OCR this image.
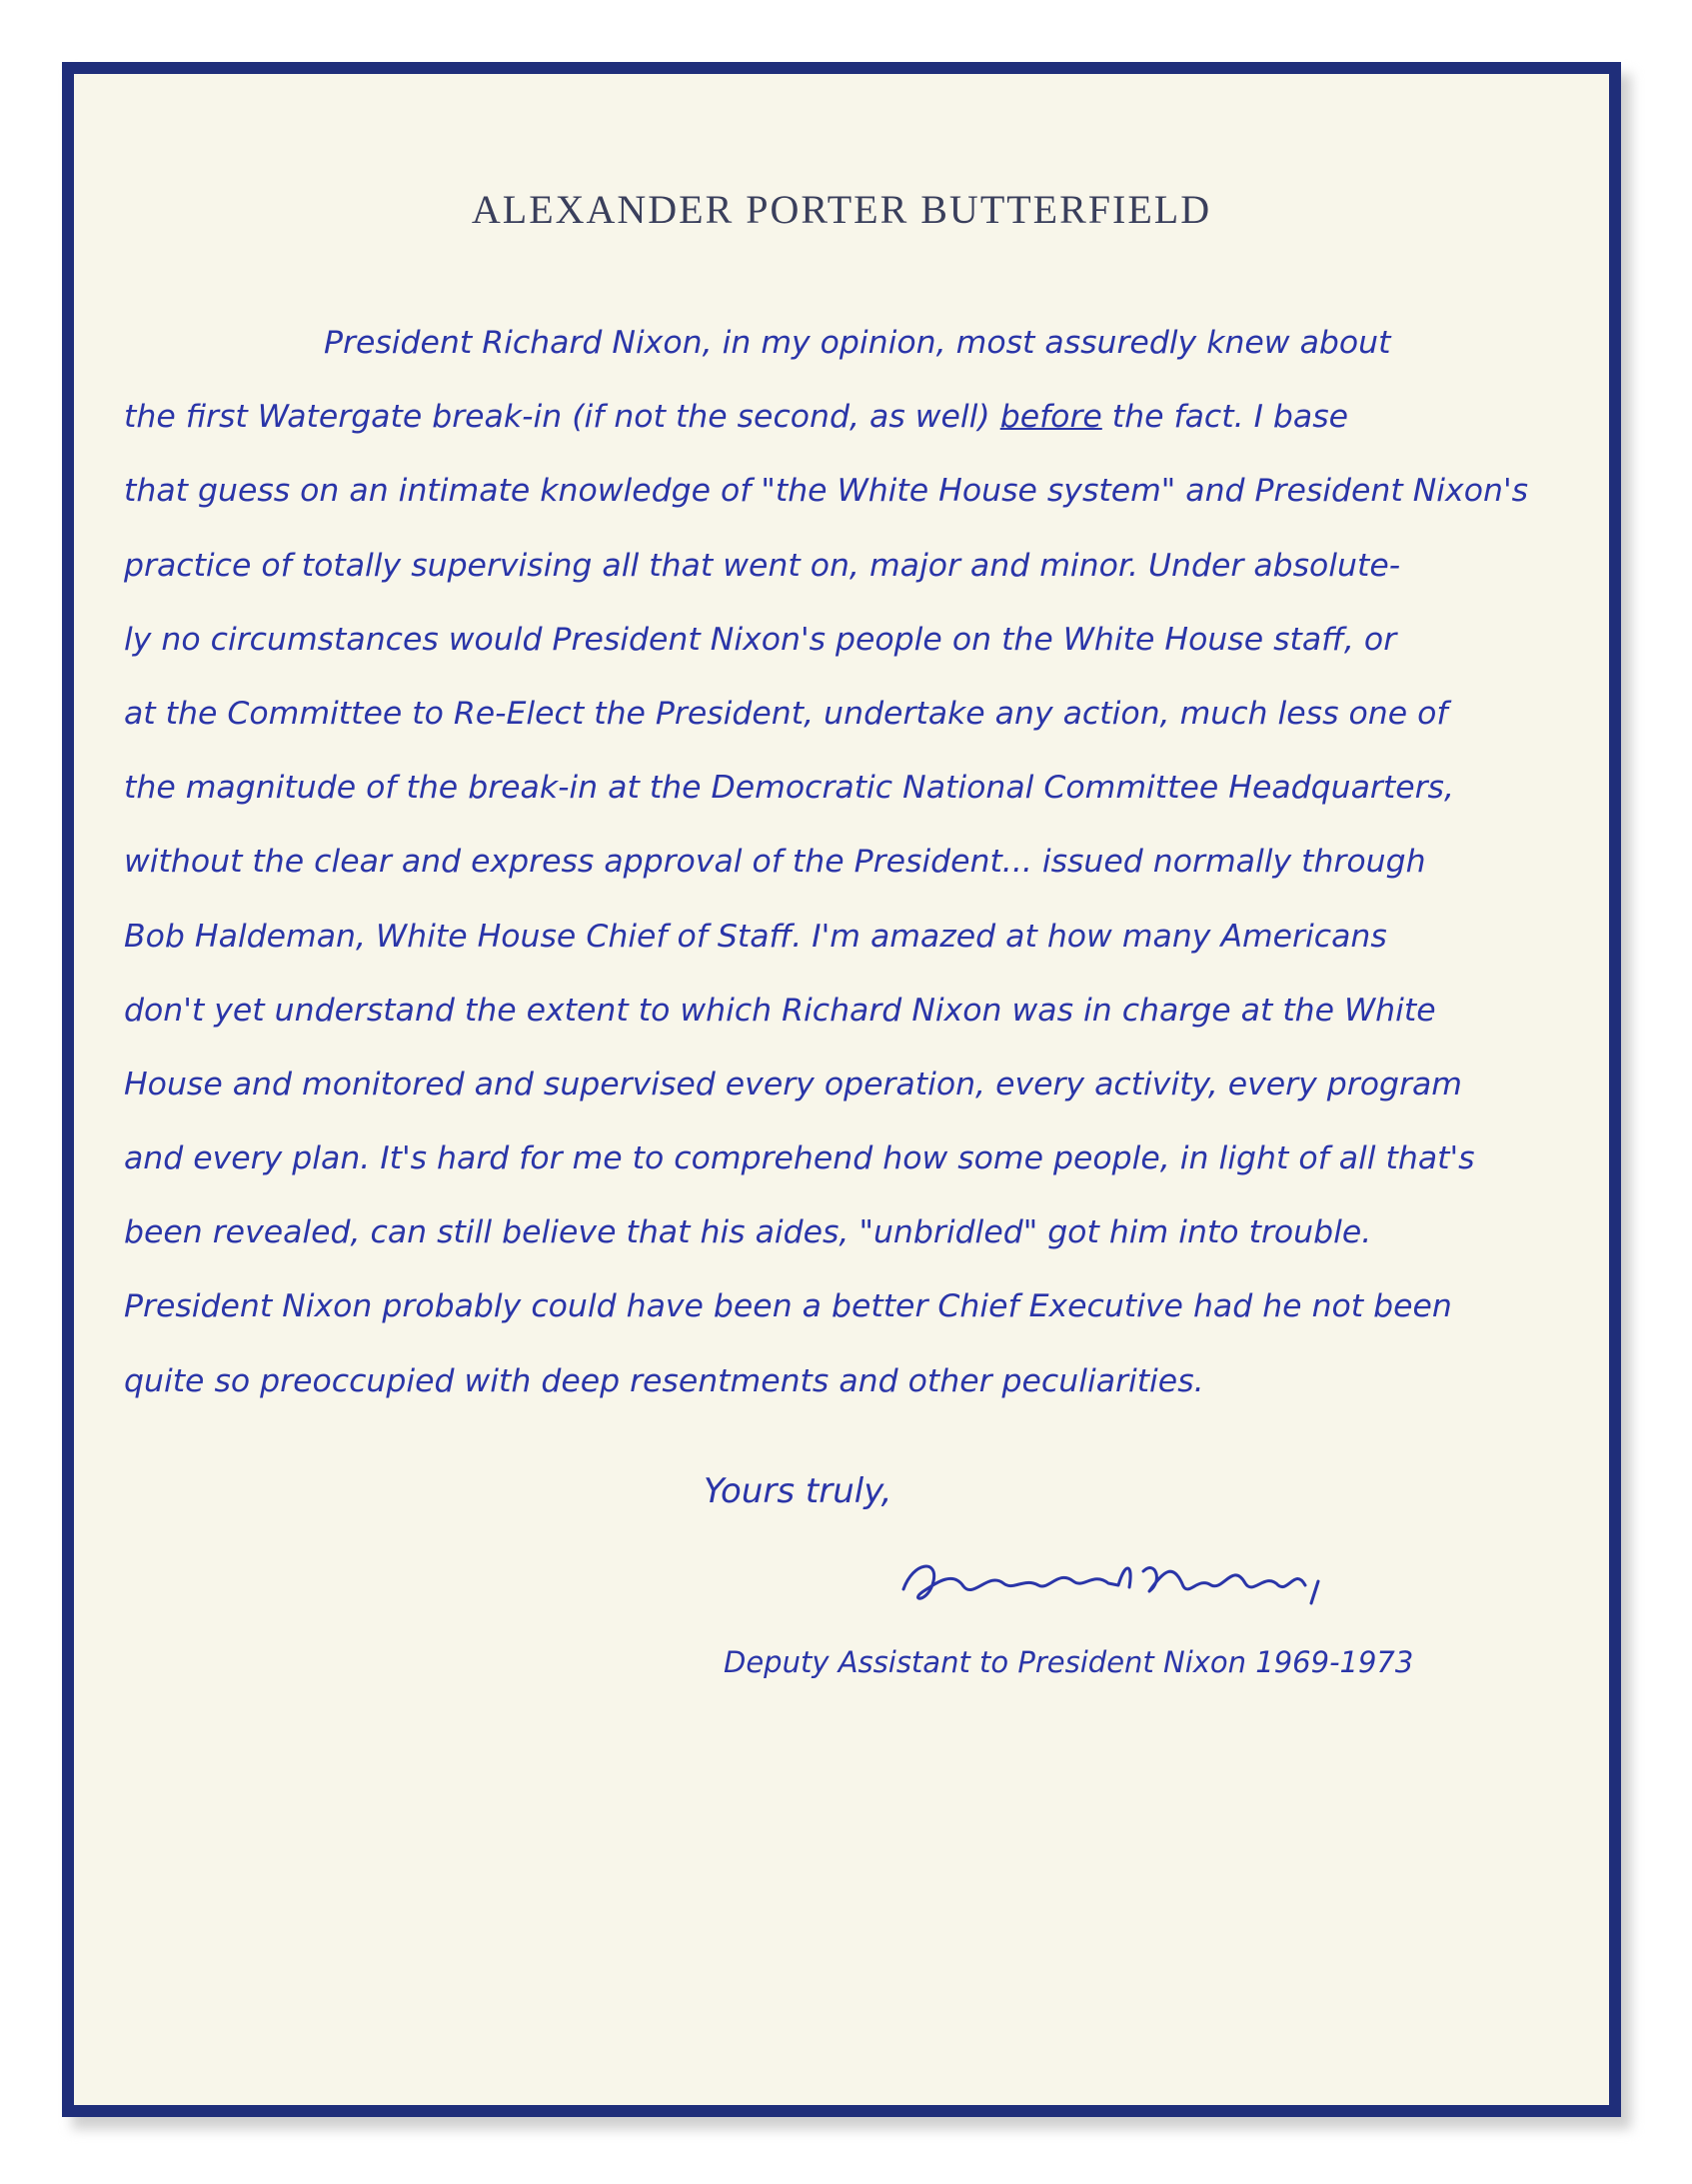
ALEXANDER PORTER BUTTERFIELD
President Richard Nixon, in my opinion, most assuredly knew about
the first Watergate break-in (if not the second, as well) before the fact. I base
that guess on an intimate knowledge of "the White House system" and President Nixon's
practice of totally supervising all that went on, major and minor. Under absolute-
ly no circumstances would President Nixon's people on the White House staff, or
at the Committee to Re-Elect the President, undertake any action, much less one of
the magnitude of the break-in at the Democratic National Committee Headquarters,
without the clear and express approval of the President... issued normally through
Bob Haldeman, White House Chief of Staff. I'm amazed at how many Americans
don't yet understand the extent to which Richard Nixon was in charge at the White
House and monitored and supervised every operation, every activity, every program
and every plan. It's hard for me to comprehend how some people, in light of all that's
been revealed, can still believe that his aides, "unbridled" got him into trouble.
President Nixon probably could have been a better Chief Executive had he not been
quite so preoccupied with deep resentments and other peculiarities.
Yours truly,
Deputy Assistant to President Nixon 1969-1973
